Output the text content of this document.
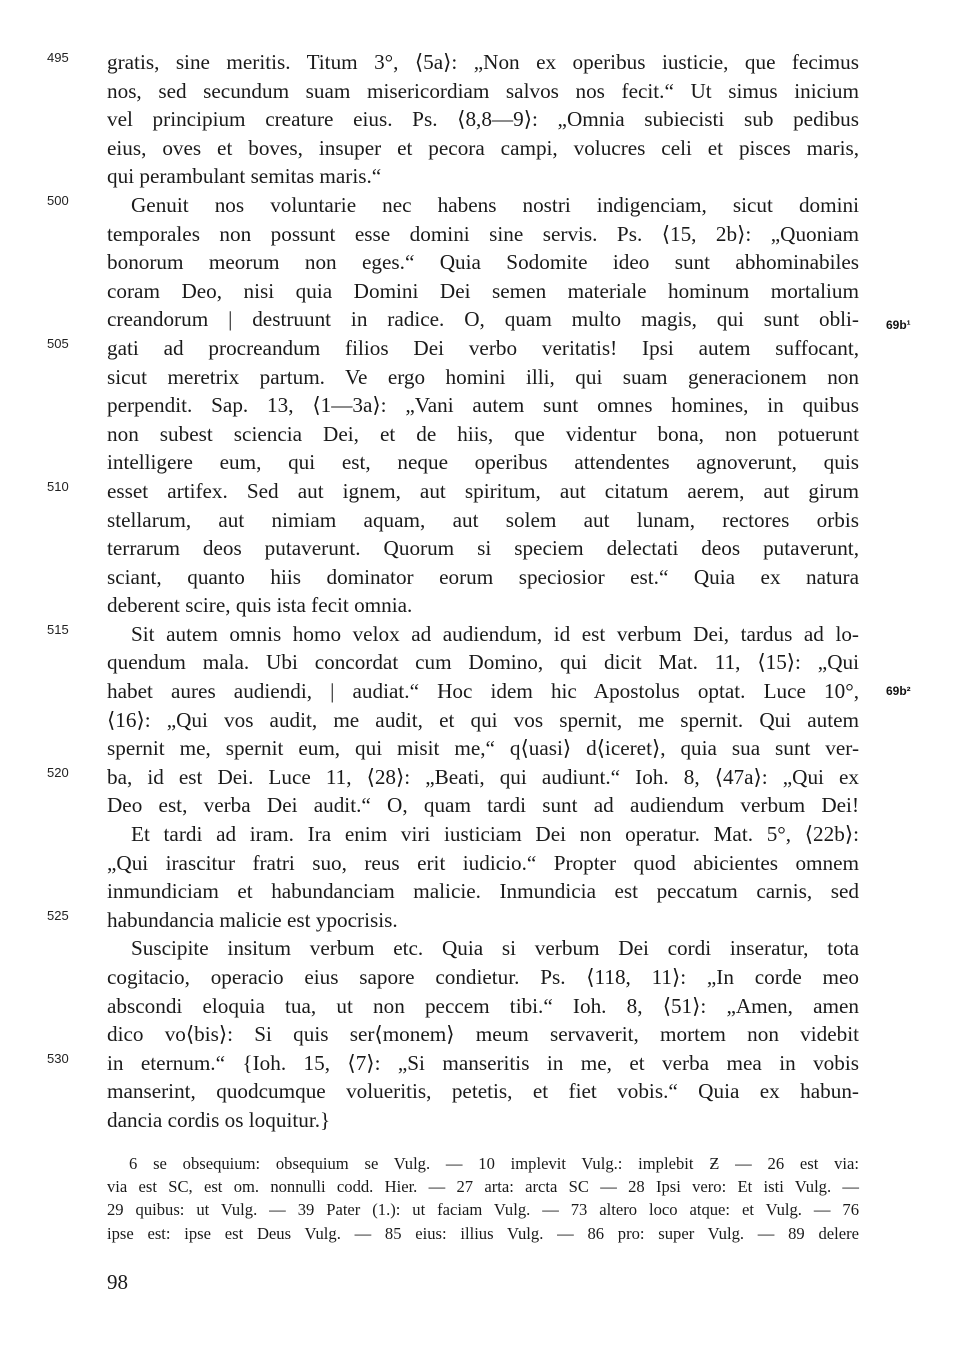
gratis, sine meritis. Titum 3°, ⟨5a⟩: „Non ex operibus iusticie, que fecimus
nos, sed secundum suam misericordiam salvos nos fecit.“ Ut simus inicium
vel principium creature eius. Ps. ⟨8,8—9⟩: „Omnia subiecisti sub pedibus
eius, oves et boves, insuper et pecora campi, volucres celi et pisces maris,
qui perambulant semitas maris.“
Genuit nos voluntarie nec habens nostri indigenciam, sicut domini
temporales non possunt esse domini sine servis. Ps. ⟨15, 2b⟩: „Quoniam
bonorum meorum non eges.“ Quia Sodomite ideo sunt abhominabiles
coram Deo, nisi quia Domini Dei semen materiale hominum mortalium
creandorum | destruunt in radice. O, quam multo magis, qui sunt obli-
gati ad procreandum filios Dei verbo veritatis! Ipsi autem suffocant,
sicut meretrix partum. Ve ergo homini illi, qui suam generacionem non
perpendit. Sap. 13, ⟨1—3a⟩: „Vani autem sunt omnes homines, in quibus
non subest sciencia Dei, et de hiis, que videntur bona, non potuerunt
intelligere eum, qui est, neque operibus attendentes agnoverunt, quis
esset artifex. Sed aut ignem, aut spiritum, aut citatum aerem, aut girum
stellarum, aut nimiam aquam, aut solem aut lunam, rectores orbis
terrarum deos putaverunt. Quorum si speciem delectati deos putaverunt,
sciant, quanto hiis dominator eorum speciosior est.“ Quia ex natura
deberent scire, quis ista fecit omnia.
Sit autem omnis homo velox ad audiendum, id est verbum Dei, tardus ad lo-
quendum mala. Ubi concordat cum Domino, qui dicit Mat. 11, ⟨15⟩: „Qui
habet aures audiendi, | audiat.“ Hoc idem hic Apostolus optat. Luce 10°,
⟨16⟩: „Qui vos audit, me audit, et qui vos spernit, me spernit. Qui autem
spernit me, spernit eum, qui misit me,“ q⟨uasi⟩ d⟨iceret⟩, quia sua sunt ver-
ba, id est Dei. Luce 11, ⟨28⟩: „Beati, qui audiunt.“ Ioh. 8, ⟨47a⟩: „Qui ex
Deo est, verba Dei audit.“ O, quam tardi sunt ad audiendum verbum Dei!
Et tardi ad iram. Ira enim viri iusticiam Dei non operatur. Mat. 5°, ⟨22b⟩:
„Qui irascitur fratri suo, reus erit iudicio.“ Propter quod abicientes omnem
inmundiciam et habundanciam malicie. Inmundicia est peccatum carnis, sed
habundancia malicie est ypocrisis.
Suscipite insitum verbum etc. Quia si verbum Dei cordi inseratur, tota
cogitacio, operacio eius sapore condietur. Ps. ⟨118, 11⟩: „In corde meo
abscondi eloquia tua, ut non peccem tibi.“ Ioh. 8, ⟨51⟩: „Amen, amen
dico vo⟨bis⟩: Si quis ser⟨monem⟩ meum servaverit, mortem non videbit
in eternum.“ {Ioh. 15, ⟨7⟩: „Si manseritis in me, et verba mea in vobis
manserint, quodcumque volueritis, petetis, et fiet vobis.“ Quia ex habun-
dancia cordis os loquitur.}
495
500
505
510
515
520
525
530
69b¹
69b²
6 se obsequium: obsequium se Vulg. — 10 implevit Vulg.: implebit Ƶ — 26 est via:
via est SC, est om. nonnulli codd. Hier. — 27 arta: arcta SC — 28 Ipsi vero: Et isti Vulg. —
29 quibus: ut Vulg. — 39 Pater (1.): ut faciam Vulg. — 73 altero loco atque: et Vulg. — 76
ipse est: ipse est Deus Vulg. — 85 eius: illius Vulg. — 86 pro: super Vulg. — 89 delere
98
